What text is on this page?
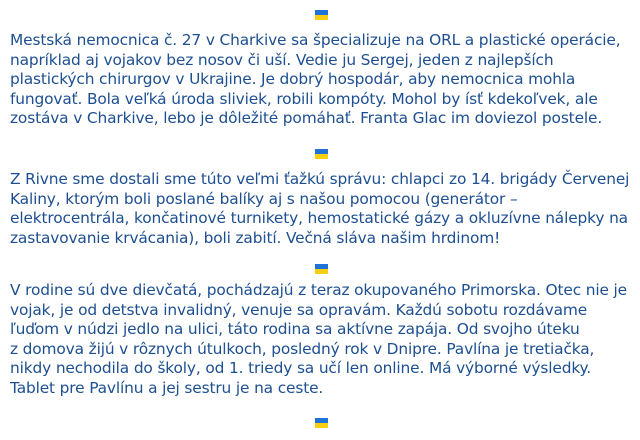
Mestská nemocnica č. 27 v Charkive sa špecializuje na ORL a plastické operácie,
napríklad aj vojakov bez nosov či uší. Vedie ju Sergej, jeden z najlepších
plastických chirurgov v Ukrajine. Je dobrý hospodár, aby nemocnica mohla
fungovať. Bola veľká úroda sliviek, robili kompóty. Mohol by ísť kdekoľvek, ale
zostáva v Charkive, lebo je dôležité pomáhať. Franta Glac im doviezol postele.

Z Rivne sme dostali sme túto veľmi ťažkú správu: chlapci zo 14. brigády Červenej
Kaliny, ktorým boli poslané balíky aj s našou pomocou (generátor –
elektrocentrála, končatinové turnikety, hemostatické gázy a okluzívne nálepky na
zastavovanie krvácania), boli zabití. Večná sláva našim hrdinom!

V rodine sú dve dievčatá, pochádzajú z teraz okupovaného Primorska. Otec nie je
vojak, je od detstva invalidný, venuje sa opravám. Každú sobotu rozdávame
ľuďom v núdzi jedlo na ulici, táto rodina sa aktívne zapája. Od svojho úteku
z domova žijú v rôznych útulkoch, posledný rok v Dnipre. Pavlína je tretiačka,
nikdy nechodila do školy, od 1. triedy sa učí len online. Má výborné výsledky.
Tablet pre Pavlínu a jej sestru je na ceste.
